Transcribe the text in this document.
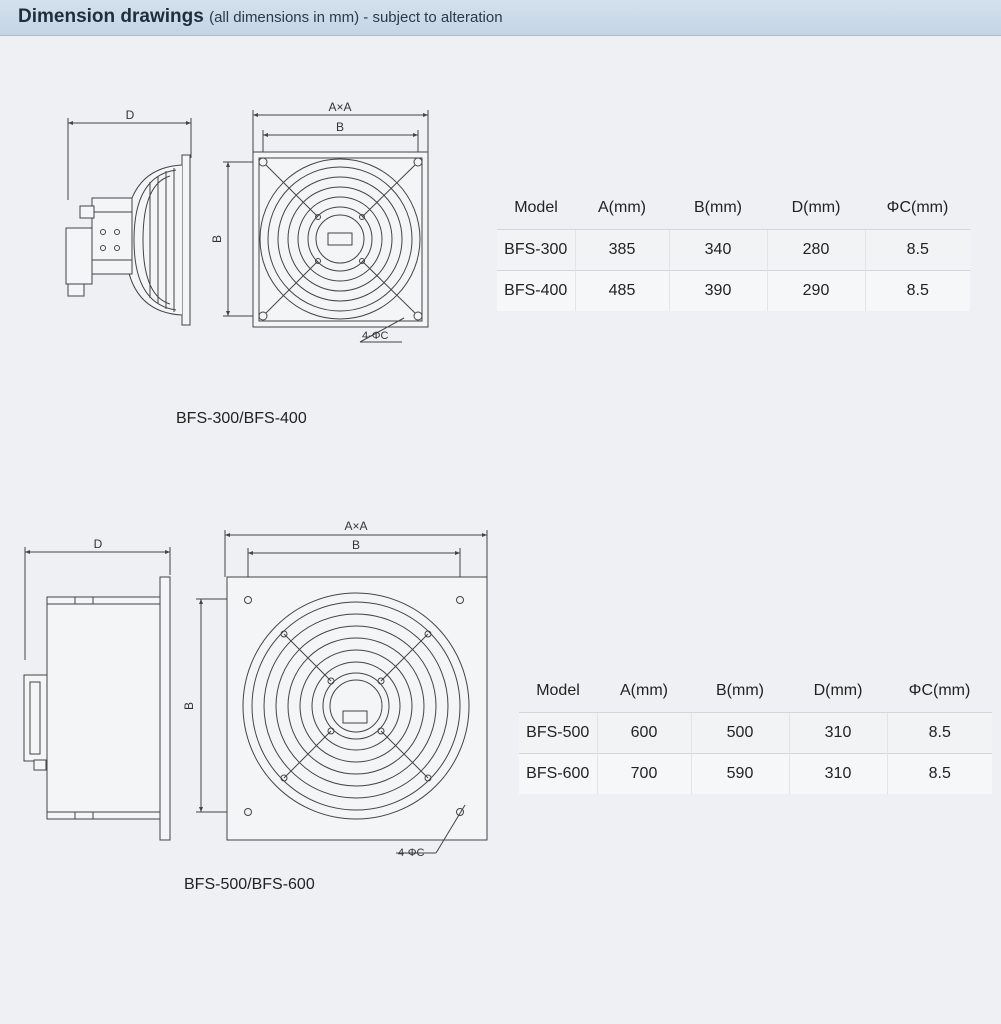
Dimension drawings (all dimensions in mm) - subject to alteration
D
A×A
B
B
4-ΦC
D
A×A
B
B
4-ΦC
BFS-300/BFS-400
BFS-500/BFS-600
Model	A(mm)	B(mm)	D(mm)	ΦC(mm)
BFS-300	385	340	280	8.5
BFS-400	485	390	290	8.5
Model	A(mm)	B(mm)	D(mm)	ΦC(mm)
BFS-500	600	500	310	8.5
BFS-600	700	590	310	8.5
